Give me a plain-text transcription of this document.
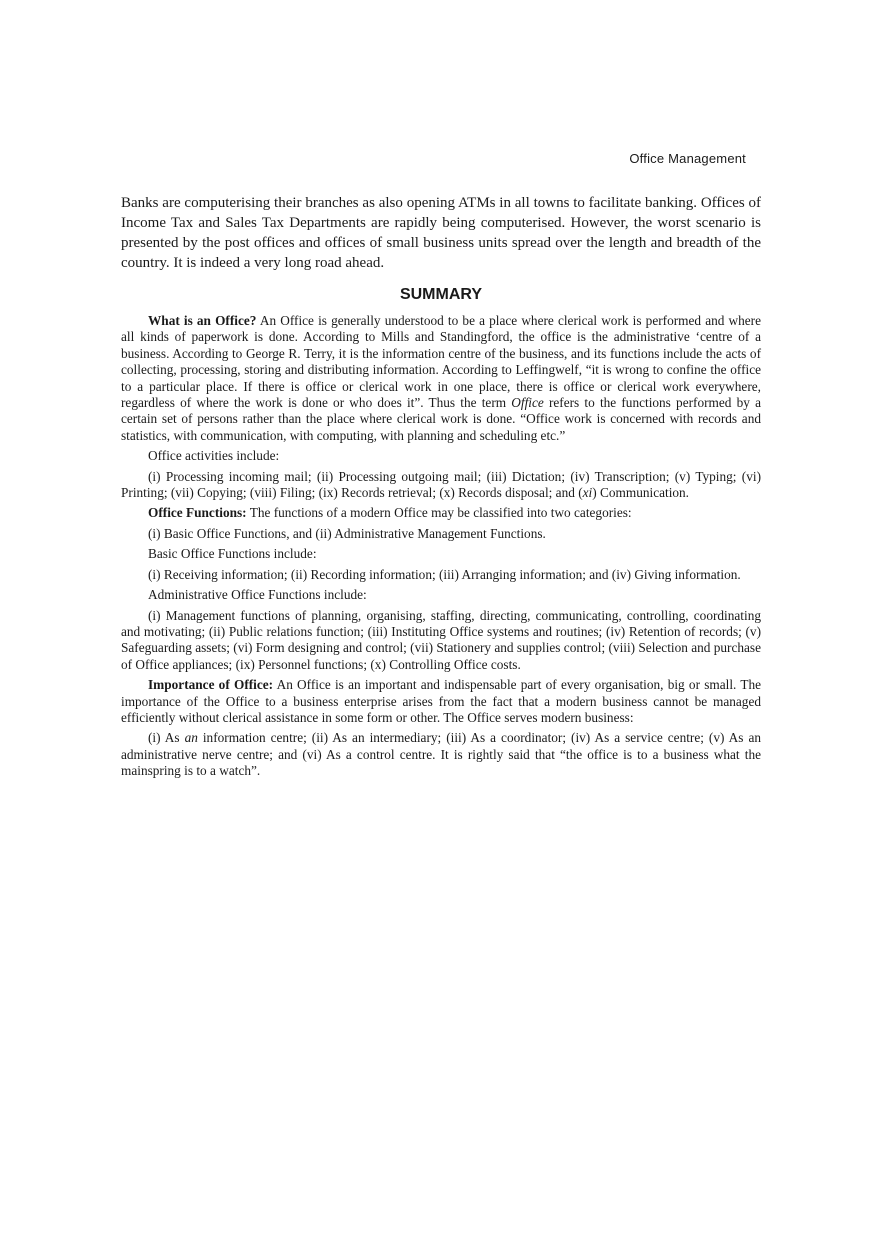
Office Management

Banks are computerising their branches as also opening ATMs in all towns to facilitate banking. Offices of Income Tax and Sales Tax Departments are rapidly being computerised. However, the worst scenario is presented by the post offices and offices of small business units spread over the length and breadth of the country. It is indeed a very long road ahead.

SUMMARY

What is an Office? An Office is generally understood to be a place where clerical work is performed and where all kinds of paperwork is done. According to Mills and Standingford, the office is the administrative ‘centre of a business. According to George R. Terry, it is the information centre of the business, and its functions include the acts of collecting, processing, storing and distributing information. According to Leffingwelf, “it is wrong to confine the office to a particular place. If there is office or clerical work in one place, there is office or clerical work everywhere, regardless of where the work is done or who does it”. Thus the term Office refers to the functions performed by a certain set of persons rather than the place where clerical work is done. “Office work is concerned with records and statistics, with communication, with computing, with planning and scheduling etc.”

Office activities include:

(i) Processing incoming mail; (ii) Processing outgoing mail; (iii) Dictation; (iv) Transcription; (v) Typing; (vi) Printing; (vii) Copying; (viii) Filing; (ix) Records retrieval; (x) Records disposal; and (xi) Communication.

Office Functions: The functions of a modern Office may be classified into two categories:

(i) Basic Office Functions, and (ii) Administrative Management Functions.

Basic Office Functions include:

(i) Receiving information; (ii) Recording information; (iii) Arranging information; and (iv) Giving information.

Administrative Office Functions include:

(i) Management functions of planning, organising, staffing, directing, communicating, controlling, coordinating and motivating; (ii) Public relations function; (iii) Instituting Office systems and routines; (iv) Retention of records; (v) Safeguarding assets; (vi) Form designing and control; (vii) Stationery and supplies control; (viii) Selection and purchase of Office appliances; (ix) Personnel functions; (x) Controlling Office costs.

Importance of Office: An Office is an important and indispensable part of every organisation, big or small. The importance of the Office to a business enterprise arises from the fact that a modern business cannot be managed efficiently without clerical assistance in some form or other. The Office serves modern business:

(i) As an information centre; (ii) As an intermediary; (iii) As a coordinator; (iv) As a service centre; (v) As an administrative nerve centre; and (vi) As a control centre. It is rightly said that “the office is to a business what the mainspring is to a watch”.
